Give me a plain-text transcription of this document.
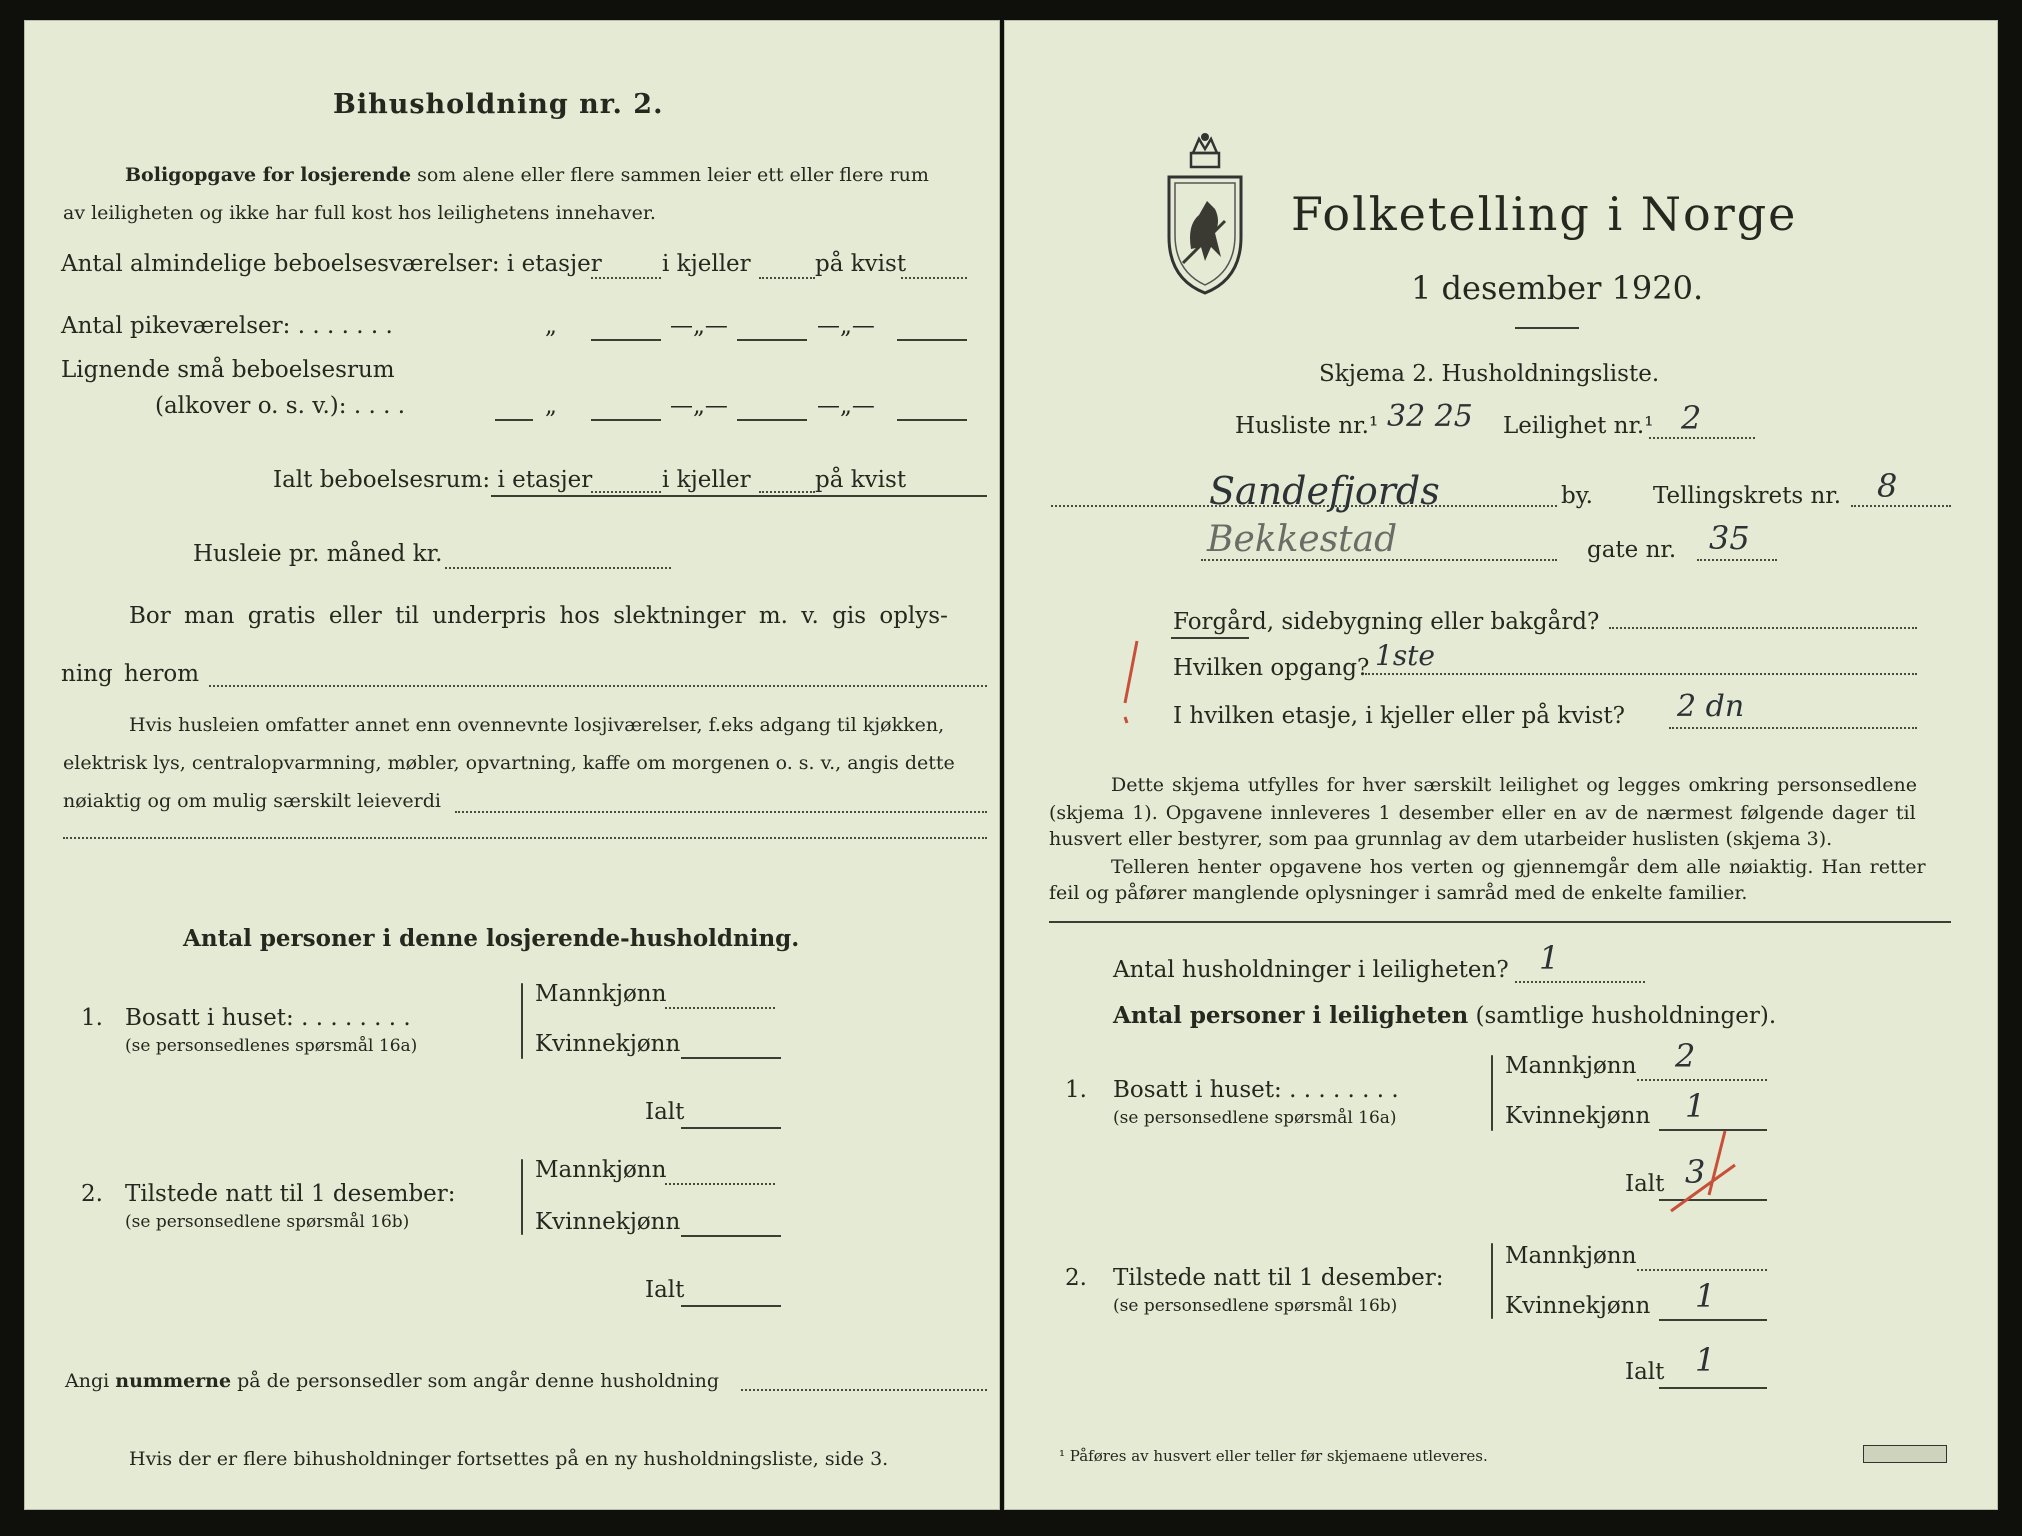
Bihusholdning nr. 2.
Boligopgave for losjerende som alene eller flere sammen leier ett eller flere rum
av leiligheten og ikke har full kost hos leilighetens innehaver.
Antal almindelige beboelsesværelser: i etasjer	i kjeller	på kvist
Antal pikeværelser: . . . . . . .	„	—„—	—„—
Lignende små beboelsesrum
(alkover o. s. v.): . . . .	„	—„—	—„—
Ialt beboelsesrum: i etasjer	i kjeller	på kvist
Husleie pr. måned kr.
Bor man gratis eller til underpris hos slektninger m. v. gis oplys-
ning herom
Hvis husleien omfatter annet enn ovennevnte losjiværelser, f.eks adgang til kjøkken,
elektrisk lys, centralopvarmning, møbler, opvartning, kaffe om morgenen o. s. v., angis dette
nøiaktig og om mulig særskilt leieverdi
Antal personer i denne losjerende-husholdning.
1. Bosatt i huset: . . . . . . . .
(se personsedlenes spørsmål 16a)
Mannkjønn
Kvinnekjønn
Ialt
2. Tilstede natt til 1 desember:
(se personsedlene spørsmål 16b)
Mannkjønn
Kvinnekjønn
Ialt
Angi nummerne på de personsedler som angår denne husholdning
Hvis der er flere bihusholdninger fortsettes på en ny husholdningsliste, side 3.
Folketelling i Norge
1 desember 1920.
Skjema 2. Husholdningsliste.
Husliste nr.¹ 32 25 Leilighet nr.¹ 2
Sandefjords	by.	Tellingskrets nr. 8
Bekkestad	gate nr. 35
Forgård, sidebygning eller bakgård?
Hvilken opgang? 1ste
I hvilken etasje, i kjeller eller på kvist? 2 dn
Dette skjema utfylles for hver særskilt leilighet og legges omkring personsedlene
(skjema 1). Opgavene innleveres 1 desember eller en av de nærmest følgende dager til
husvert eller bestyrer, som paa grunnlag av dem utarbeider huslisten (skjema 3).
Telleren henter opgavene hos verten og gjennemgår dem alle nøiaktig. Han retter
feil og påfører manglende oplysninger i samråd med de enkelte familier.
Antal husholdninger i leiligheten? 1
Antal personer i leiligheten (samtlige husholdninger).
1. Bosatt i huset: . . . . . . . .
(se personsedlene spørsmål 16a)
Mannkjønn 2
Kvinnekjønn 1
Ialt 3
2. Tilstede natt til 1 desember:
(se personsedlene spørsmål 16b)
Mannkjønn
Kvinnekjønn 1
Ialt 1
¹ Påføres av husvert eller teller før skjemaene utleveres.
